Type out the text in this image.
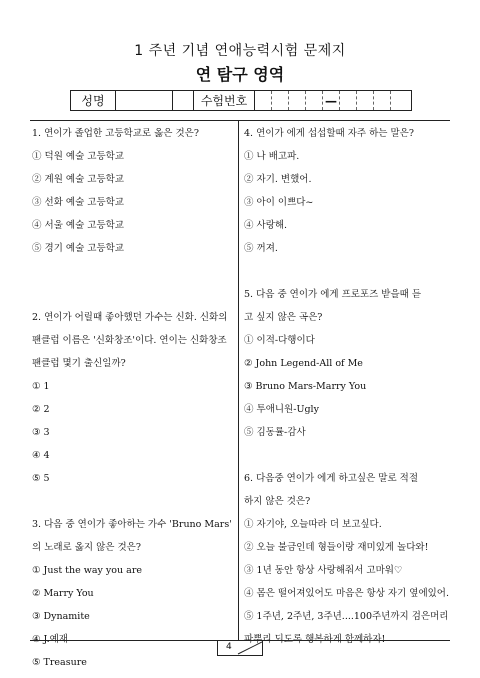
1 주년 기념 연애능력시험 문제지
연 탐구 영역
성명	수험번호	—

1. 연이가 졸업한 고등학교로 옳은 것은?

① 덕원 예술 고등학교

② 계원 예술 고등학교

③ 선화 예술 고등학교

④ 서울 예술 고등학교

⑤ 경기 예술 고등학교

2. 연이가 어릴때 좋아했던 가수는 신화. 신화의

팬클럽 이름은 '신화창조'이다. 연이는 신화창조

팬클럽 몇기 출신일까?

① 1

② 2

③ 3

④ 4

⑤ 5

3. 다음 중 연이가 좋아하는 가수 'Bruno Mars'

의 노래로 옳지 않은 것은?

① Just the way you are

② Marry You

③ Dynamite

④ J.예재

⑤ Treasure

4. 연이가 에게 섭섭할때 자주 하는 말은?

① 나 배고파.

② 자기. 변했어.

③ 아이 이쁘다~

④ 사랑해.

⑤ 꺼져.

5. 다음 중 연이가 에게 프로포즈 받을때 듣

고 싶지 않은 곡은?

① 이적-다행이다

② John Legend-All of Me

③ Bruno Mars-Marry You

④ 투애니원-Ugly

⑤ 김동률-감사

6. 다음중 연이가 에게 하고싶은 말로 적절

하지 않은 것은?

① 자기야, 오늘따라 더 보고싶다.

② 오늘 불금인데 형들이랑 재미있게 놀다와!

③ 1년 동안 항상 사랑해줘서 고마워♡

④ 몸은 떨어져있어도 마음은 항상 자기 옆에있어.

⑤ 1주년, 2주년, 3주년....100주년까지 검은머리

파뿌리 되도록 행복하게 함께하자!

4
